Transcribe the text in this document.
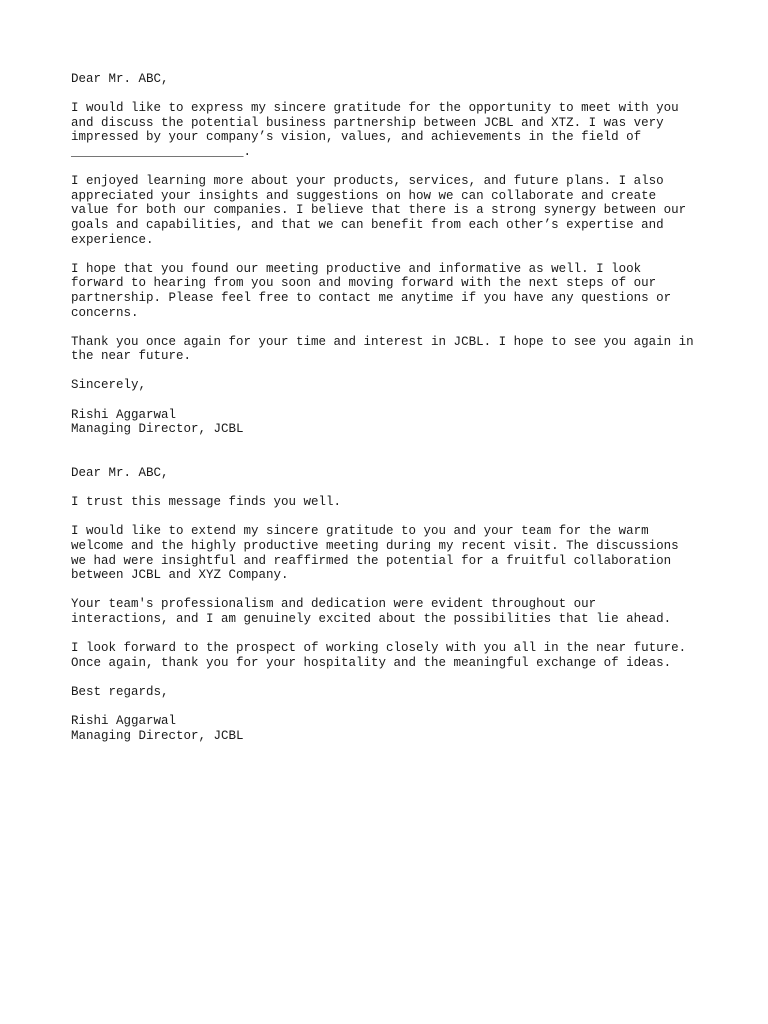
Dear Mr. ABC,

I would like to express my sincere gratitude for the opportunity to meet with you
and discuss the potential business partnership between JCBL and XTZ. I was very
impressed by your company’s vision, values, and achievements in the field of
_______________________.

I enjoyed learning more about your products, services, and future plans. I also
appreciated your insights and suggestions on how we can collaborate and create
value for both our companies. I believe that there is a strong synergy between our
goals and capabilities, and that we can benefit from each other’s expertise and
experience.

I hope that you found our meeting productive and informative as well. I look
forward to hearing from you soon and moving forward with the next steps of our
partnership. Please feel free to contact me anytime if you have any questions or
concerns.

Thank you once again for your time and interest in JCBL. I hope to see you again in
the near future.

Sincerely,

Rishi Aggarwal

Managing Director, JCBL

Dear Mr. ABC,

I trust this message finds you well.

I would like to extend my sincere gratitude to you and your team for the warm
welcome and the highly productive meeting during my recent visit. The discussions
we had were insightful and reaffirmed the potential for a fruitful collaboration
between JCBL and XYZ Company.

Your team's professionalism and dedication were evident throughout our
interactions, and I am genuinely excited about the possibilities that lie ahead.

I look forward to the prospect of working closely with you all in the near future.
Once again, thank you for your hospitality and the meaningful exchange of ideas.

Best regards,

Rishi Aggarwal

Managing Director, JCBL
